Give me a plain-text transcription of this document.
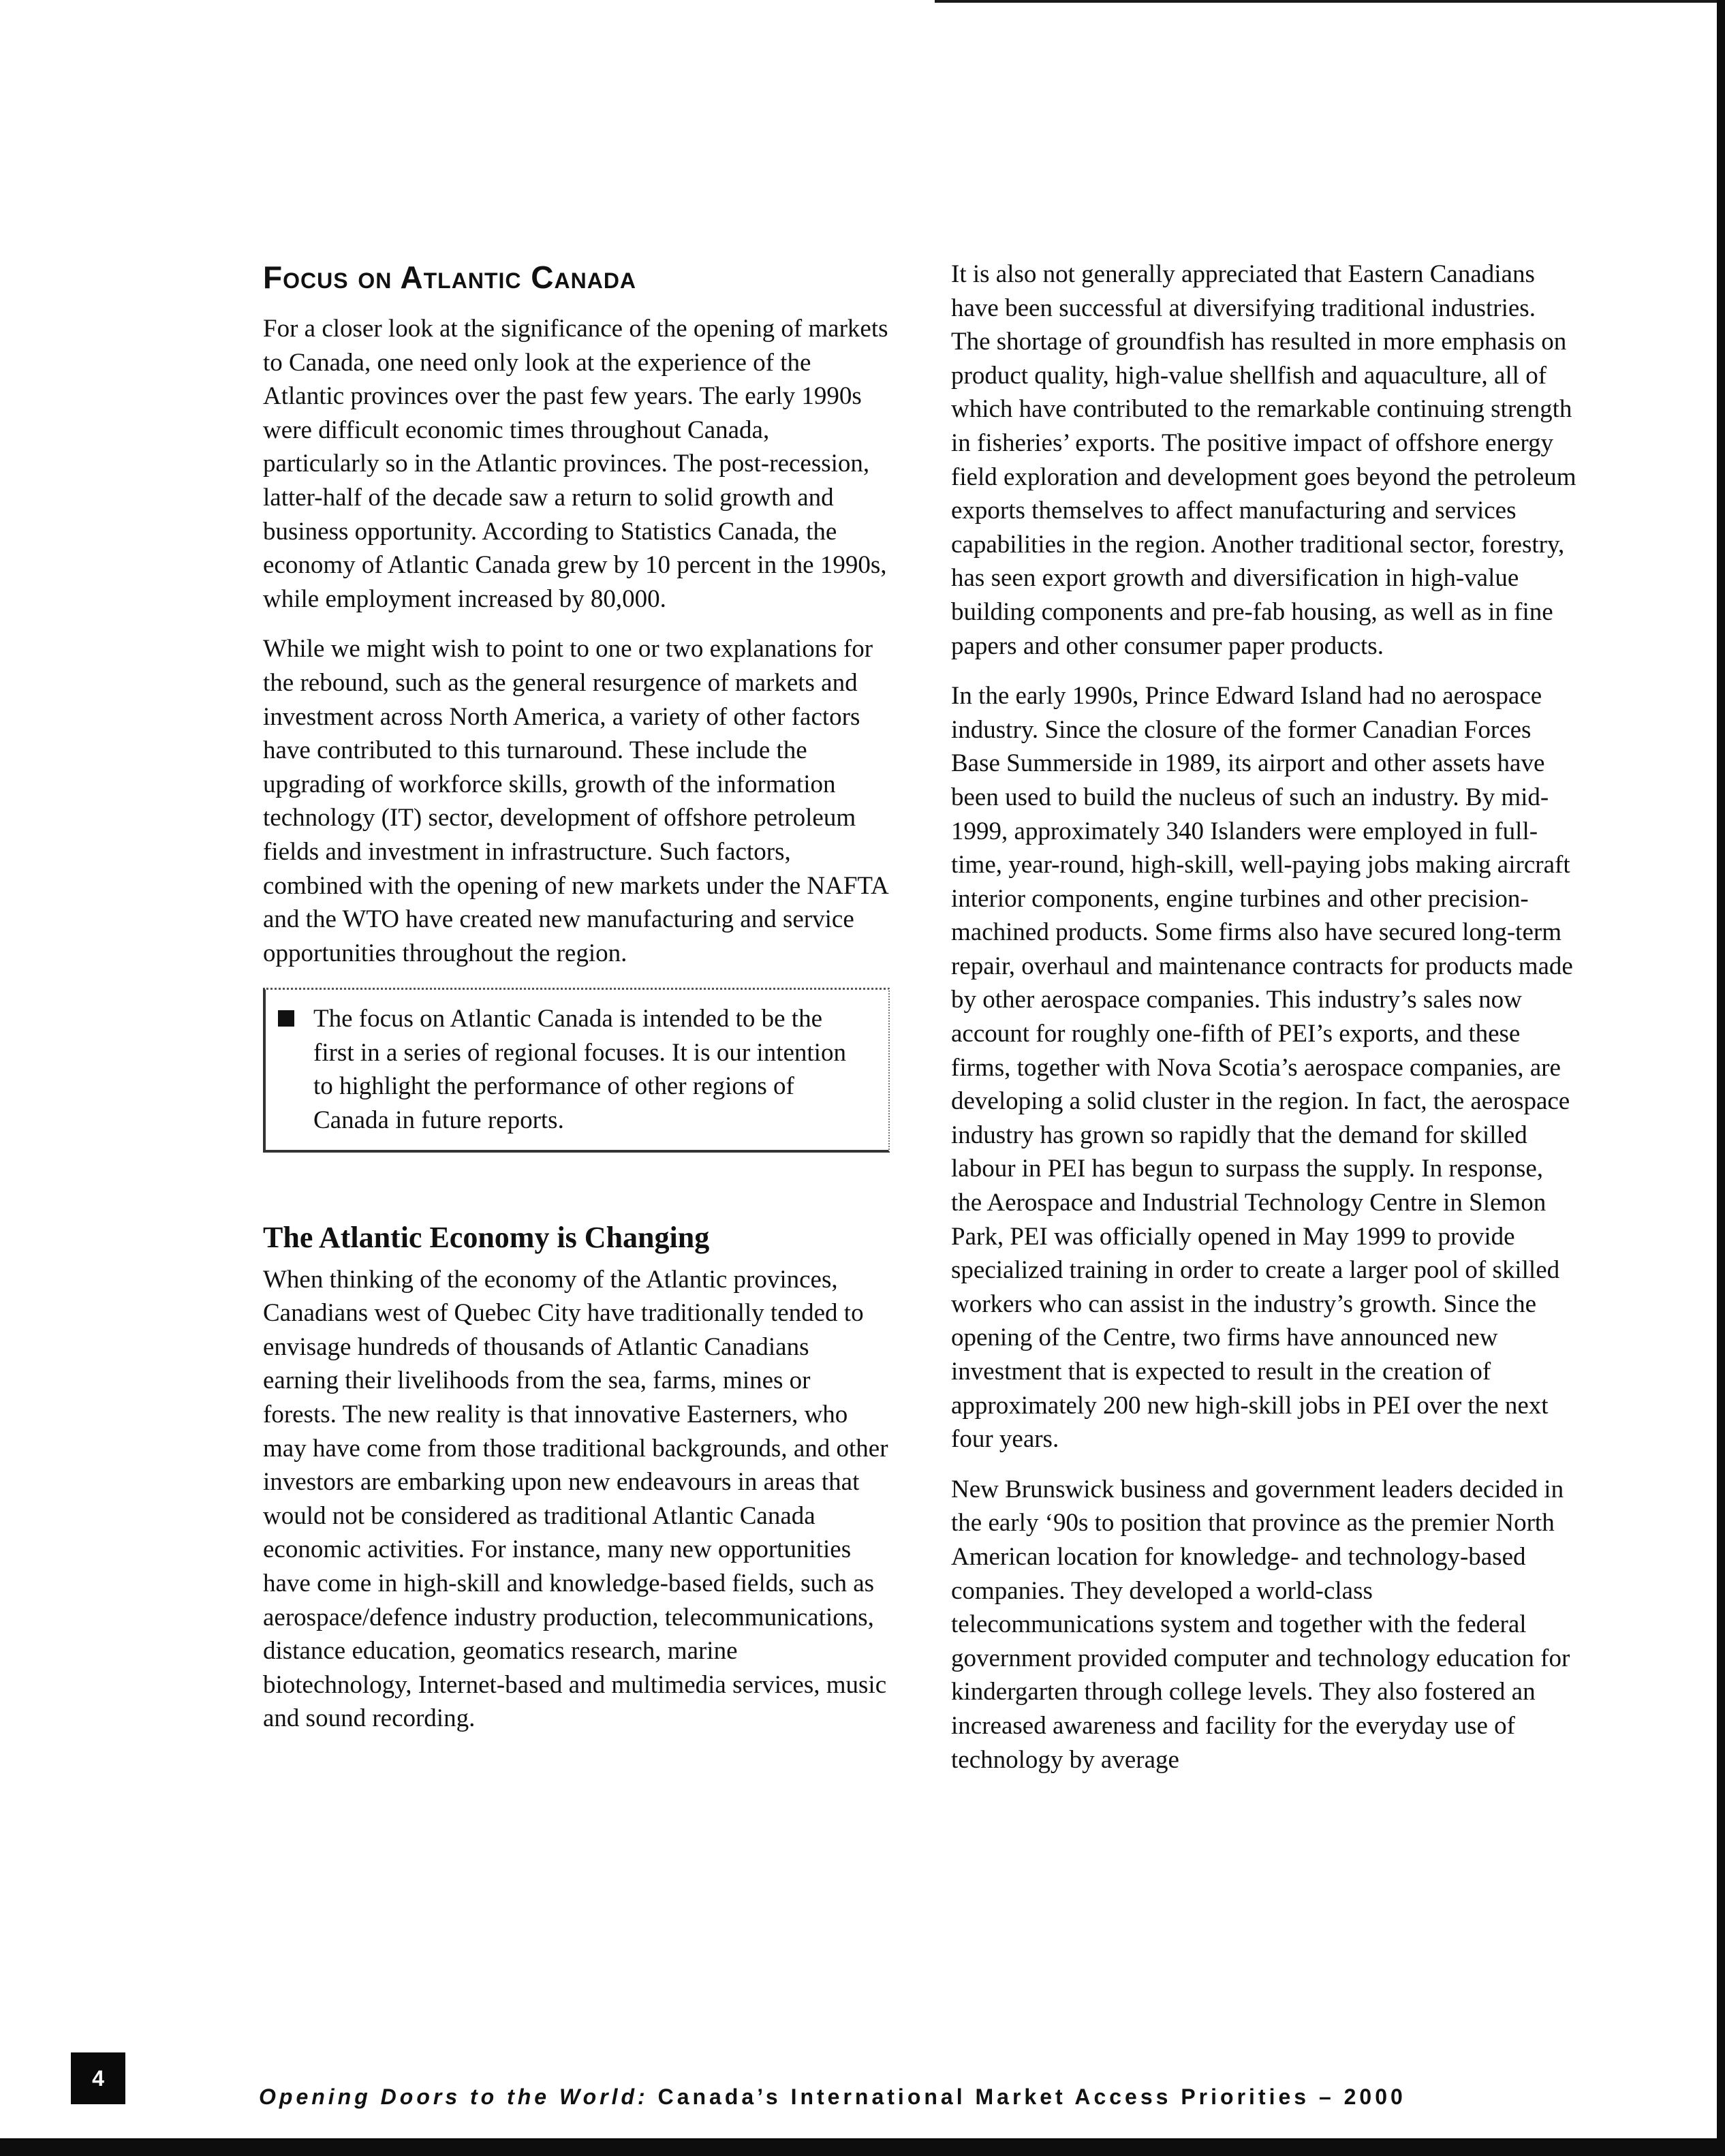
Focus on Atlantic Canada

For a closer look at the significance of the opening of markets to Canada, one need only look at the experience of the Atlantic provinces over the past few years. The early 1990s were difficult economic times throughout Canada, particularly so in the Atlantic provinces. The post-recession, latter-half of the decade saw a return to solid growth and business opportunity. According to Statistics Canada, the economy of Atlantic Canada grew by 10 percent in the 1990s, while employment increased by 80,000.

While we might wish to point to one or two explanations for the rebound, such as the general resurgence of markets and investment across North America, a variety of other factors have contributed to this turnaround. These include the upgrading of workforce skills, growth of the information technology (IT) sector, development of offshore petroleum fields and investment in infrastructure. Such factors, combined with the opening of new markets under the NAFTA and the WTO have created new manufacturing and service opportunities throughout the region.

The focus on Atlantic Canada is intended to be the first in a series of regional focuses. It is our intention to highlight the performance of other regions of Canada in future reports.
The Atlantic Economy is Changing

When thinking of the economy of the Atlantic provinces, Canadians west of Quebec City have traditionally tended to envisage hundreds of thousands of Atlantic Canadians earning their livelihoods from the sea, farms, mines or forests. The new reality is that innovative Easterners, who may have come from those traditional backgrounds, and other investors are embarking upon new endeavours in areas that would not be considered as traditional Atlantic Canada economic activities. For instance, many new opportunities have come in high-skill and knowledge-based fields, such as aerospace/defence industry production, telecommunications, distance education, geomatics research, marine biotechnology, Internet-based and multimedia services, music and sound recording.

It is also not generally appreciated that Eastern Canadians have been successful at diversifying traditional industries. The shortage of groundfish has resulted in more emphasis on product quality, high-value shellfish and aquaculture, all of which have contributed to the remarkable continuing strength in fisheries’ exports. The positive impact of offshore energy field exploration and development goes beyond the petroleum exports themselves to affect manufacturing and services capabilities in the region. Another traditional sector, forestry, has seen export growth and diversification in high-value building components and pre-fab housing, as well as in fine papers and other consumer paper products.

In the early 1990s, Prince Edward Island had no aerospace industry. Since the closure of the former Canadian Forces Base Summerside in 1989, its airport and other assets have been used to build the nucleus of such an industry. By mid-1999, approximately 340 Islanders were employed in full-time, year-round, high-skill, well-paying jobs making aircraft interior components, engine turbines and other precision-machined products. Some firms also have secured long-term repair, overhaul and maintenance contracts for products made by other aerospace companies. This industry’s sales now account for roughly one-fifth of PEI’s exports, and these firms, together with Nova Scotia’s aerospace companies, are developing a solid cluster in the region. In fact, the aerospace industry has grown so rapidly that the demand for skilled labour in PEI has begun to surpass the supply. In response, the Aerospace and Industrial Technology Centre in Slemon Park, PEI was officially opened in May 1999 to provide specialized training in order to create a larger pool of skilled workers who can assist in the industry’s growth. Since the opening of the Centre, two firms have announced new investment that is expected to result in the creation of approximately 200 new high-skill jobs in PEI over the next four years.

New Brunswick business and government leaders decided in the early ‘90s to position that province as the premier North American location for knowledge- and technology-based companies. They developed a world-class telecommunications system and together with the federal government provided computer and technology education for kindergarten through college levels. They also fostered an increased awareness and facility for the everyday use of technology by average

4
Opening Doors to the World: Canada’s International Market Access Priorities – 2000
